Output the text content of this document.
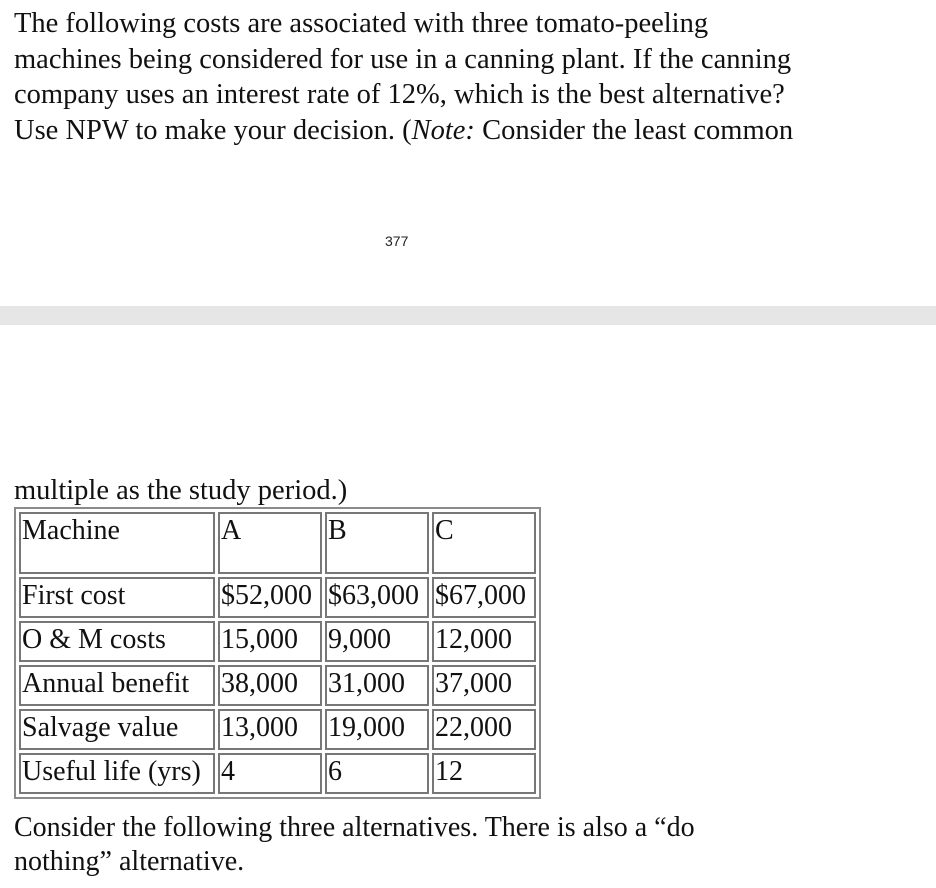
The following costs are associated with three tomato-peeling
machines being considered for use in a canning plant. If the canning
company uses an interest rate of 12%, which is the best alternative?
Use NPW to make your decision. (Note: Consider the least common
377
multiple as the study period.)
Machine	A	B	C
First cost	$52,000	$63,000	$67,000
O & M costs	15,000	9,000	12,000
Annual benefit	38,000	31,000	37,000
Salvage value	13,000	19,000	22,000
Useful life (yrs)	4	6	12
Consider the following three alternatives. There is also a “do
nothing” alternative.
